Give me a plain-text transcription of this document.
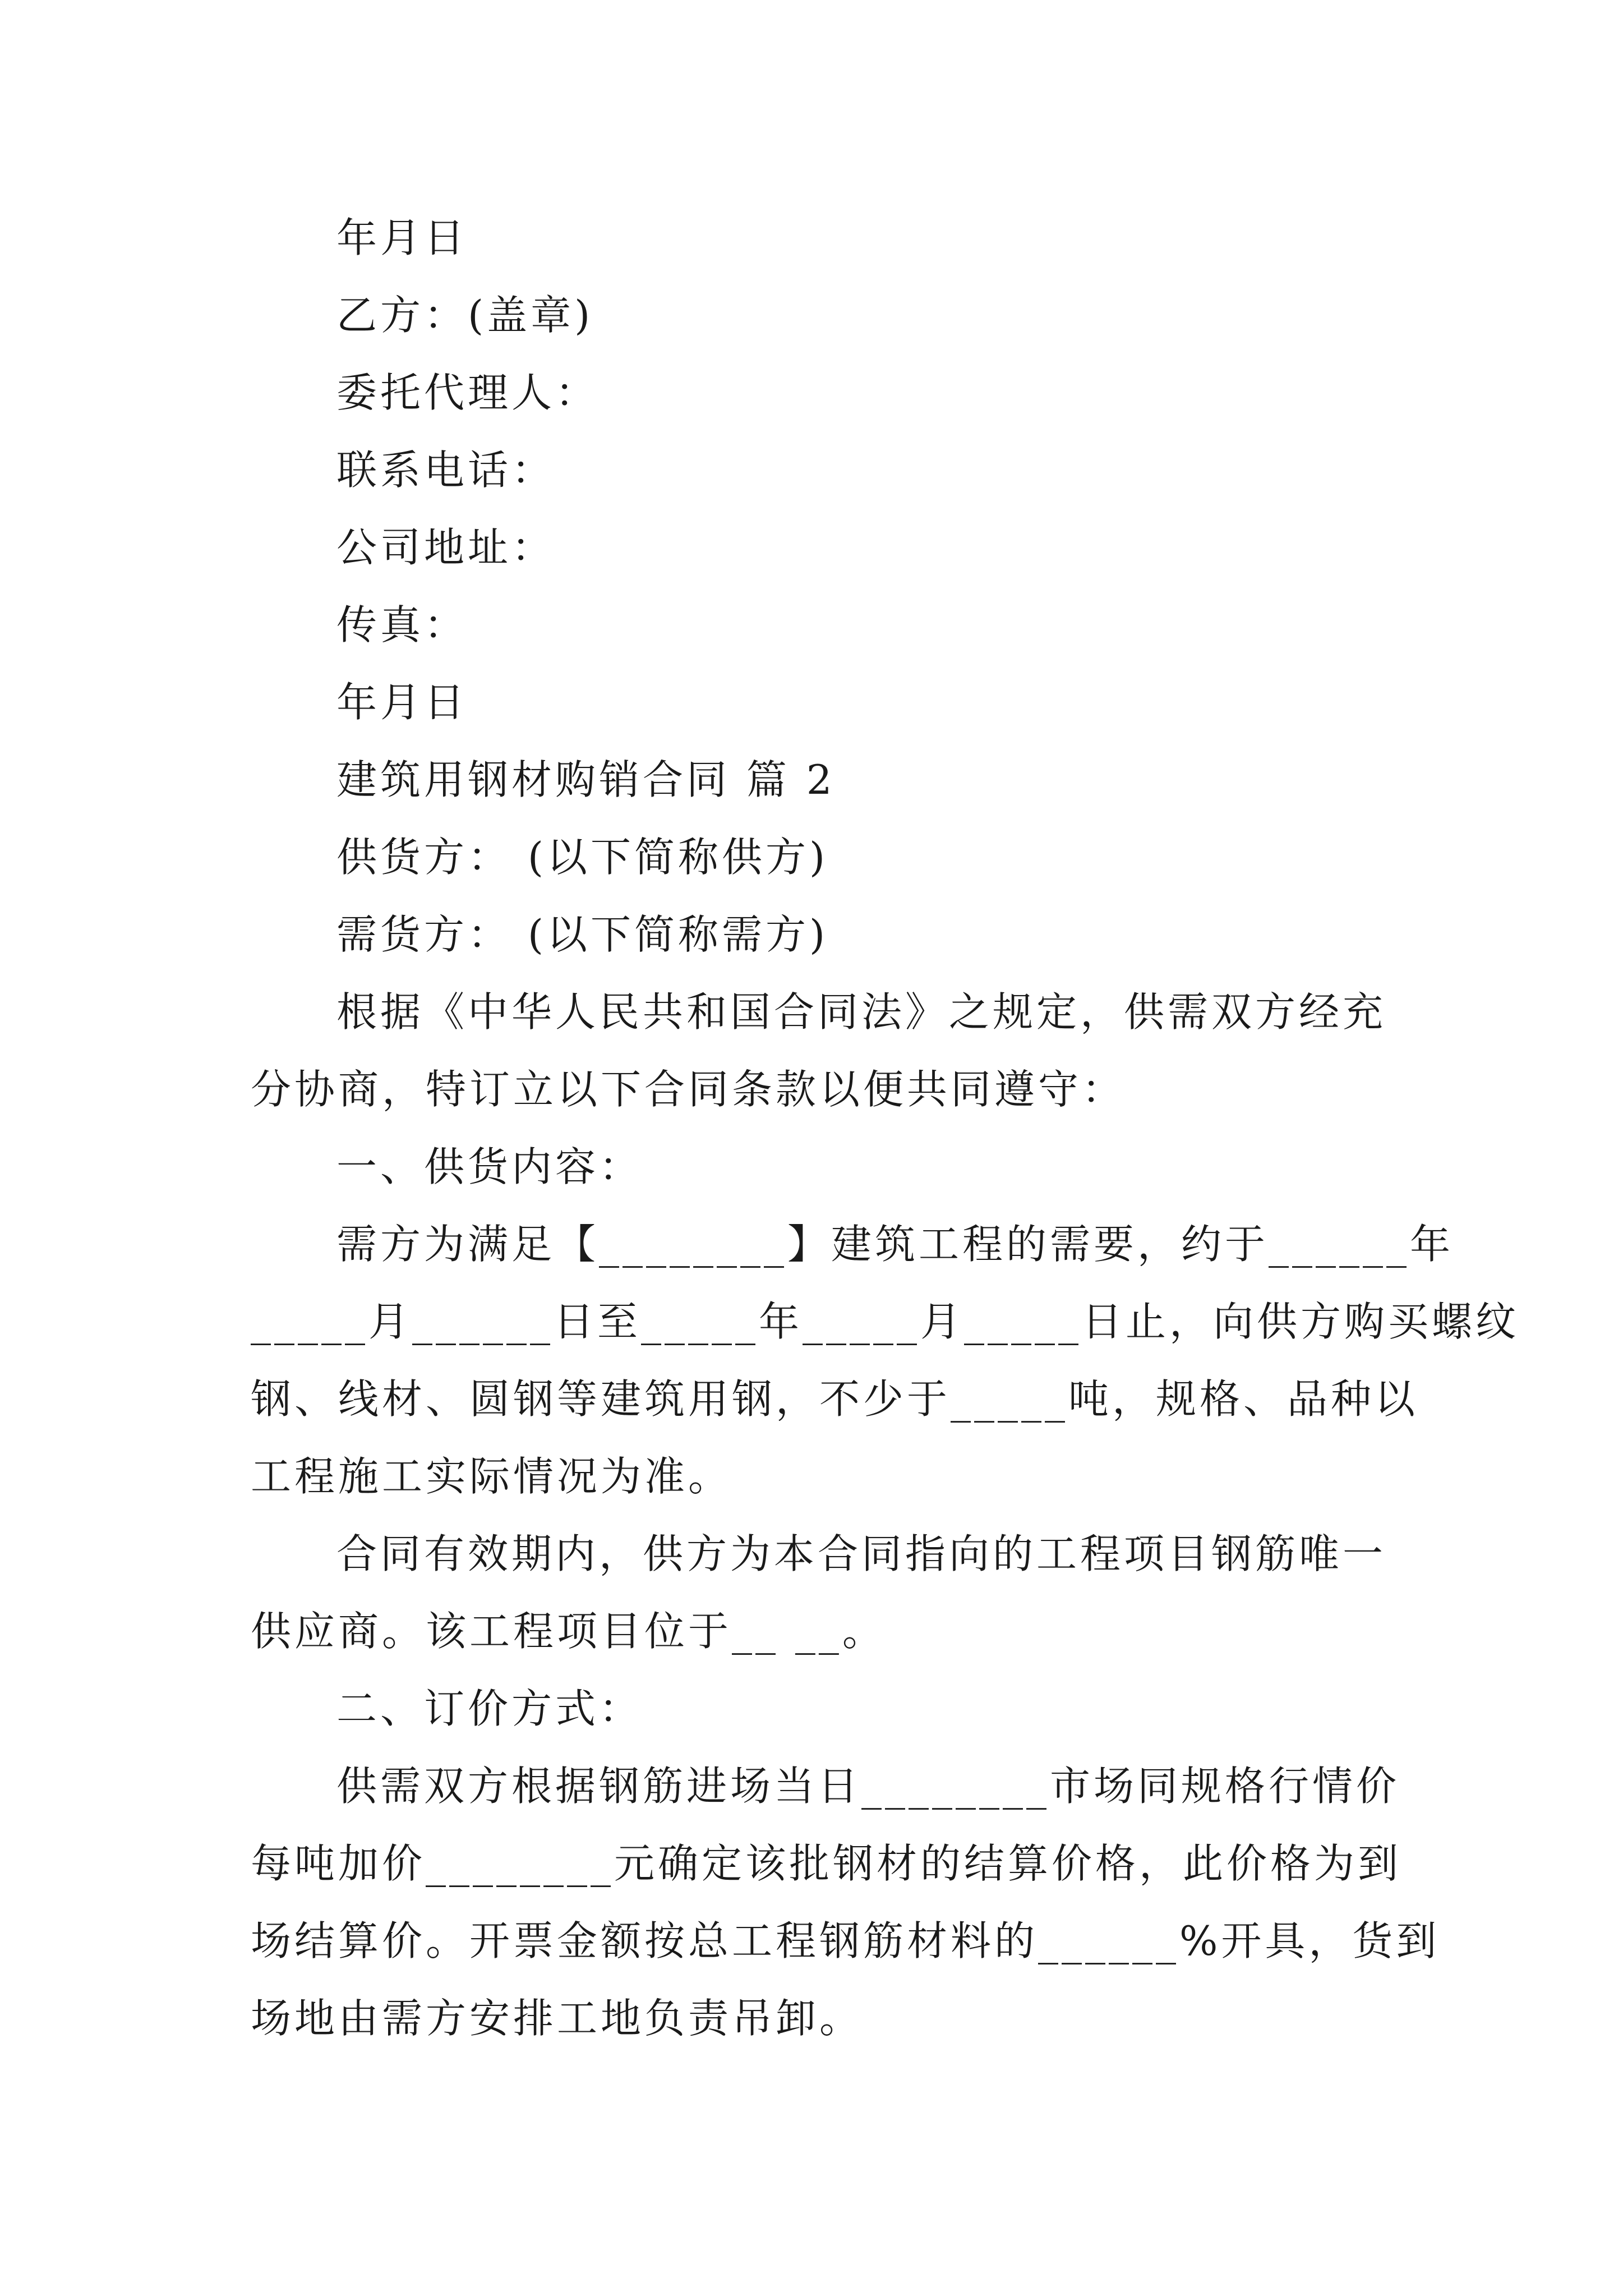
年月日
乙方：(盖章)
委托代理人：
联系电话：
公司地址：
传真：
年月日
建筑用钢材购销合同 篇 2
供货方： (以下简称供方)
需货方： (以下简称需方)
根据《中华人民共和国合同法》之规定，供需双方经充
分协商，特订立以下合同条款以便共同遵守：
一、供货内容：
需方为满足【________】建筑工程的需要，约于______年
_____月______日至_____年_____月_____日止，向供方购买螺纹
钢、线材、圆钢等建筑用钢，不少于_____吨，规格、品种以
工程施工实际情况为准。
合同有效期内，供方为本合同指向的工程项目钢筋唯一
供应商。该工程项目位于__ __。
二、订价方式：
供需双方根据钢筋进场当日________市场同规格行情价
每吨加价________元确定该批钢材的结算价格，此价格为到
场结算价。开票金额按总工程钢筋材料的______%开具，货到
场地由需方安排工地负责吊卸。
